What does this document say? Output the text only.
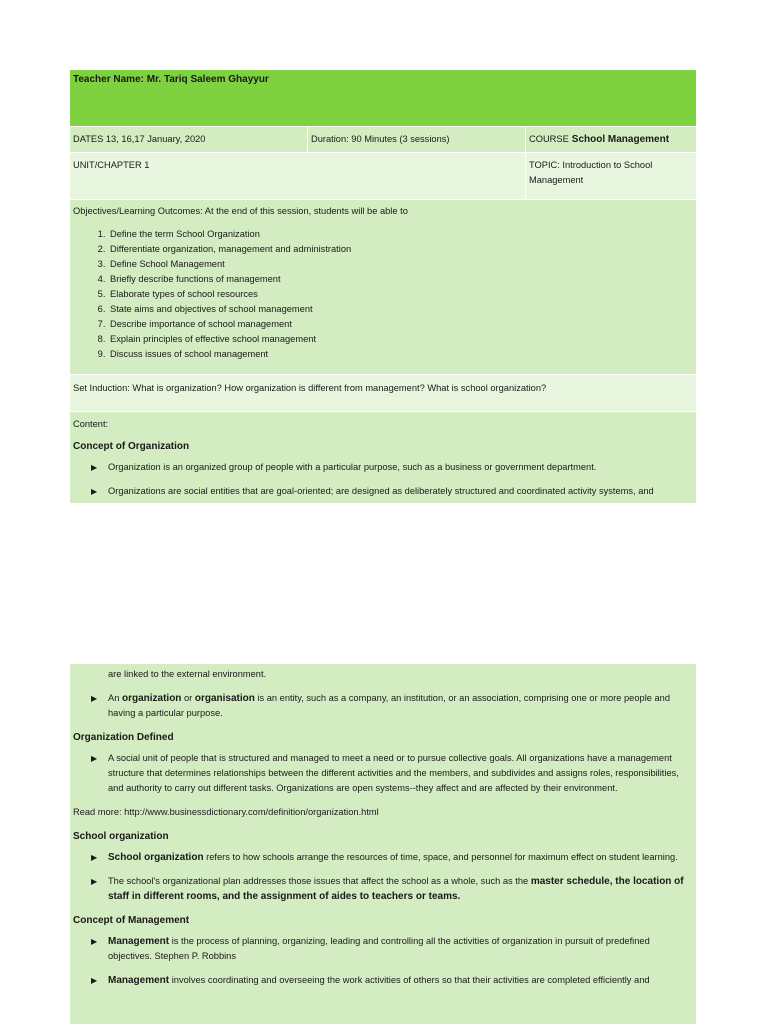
Teacher Name: Mr. Tariq Saleem Ghayyur
DATES 13, 16,17 January, 2020	Duration: 90 Minutes (3 sessions)	COURSE School Management
UNIT/CHAPTER 1	TOPIC: Introduction to School Management
Objectives/Learning Outcomes: At the end of this session, students will be able to
1. Define the term School Organization
2. Differentiate organization, management and administration
3. Define School Management
4. Briefly describe functions of management
5. Elaborate types of school resources
6. State aims and objectives of school management
7. Describe importance of school management
8. Explain principles of effective school management
9. Discuss issues of school management
Set Induction: What is organization? How organization is different from management? What is school organization?
Content:
Concept of Organization
▶ Organization is an organized group of people with a particular purpose, such as a business or government department.
▶ Organizations are social entities that are goal-oriented; are designed as deliberately structured and coordinated activity systems, and
are linked to the external environment.
▶ An organization or organisation is an entity, such as a company, an institution, or an association, comprising one or more people and having a particular purpose.
Organization Defined
▶ A social unit of people that is structured and managed to meet a need or to pursue collective goals. All organizations have a management structure that determines relationships between the different activities and the members, and subdivides and assigns roles, responsibilities, and authority to carry out different tasks. Organizations are open systems--they affect and are affected by their environment.
Read more: http://www.businessdictionary.com/definition/organization.html
School organization
▶ School organization refers to how schools arrange the resources of time, space, and personnel for maximum effect on student learning.
▶ The school's organizational plan addresses those issues that affect the school as a whole, such as the master schedule, the location of staff in different rooms, and the assignment of aides to teachers or teams.
Concept of Management
▶ Management is the process of planning, organizing, leading and controlling all the activities of organization in pursuit of predefined objectives. Stephen P. Robbins
▶ Management involves coordinating and overseeing the work activities of others so that their activities are completed efficiently and
